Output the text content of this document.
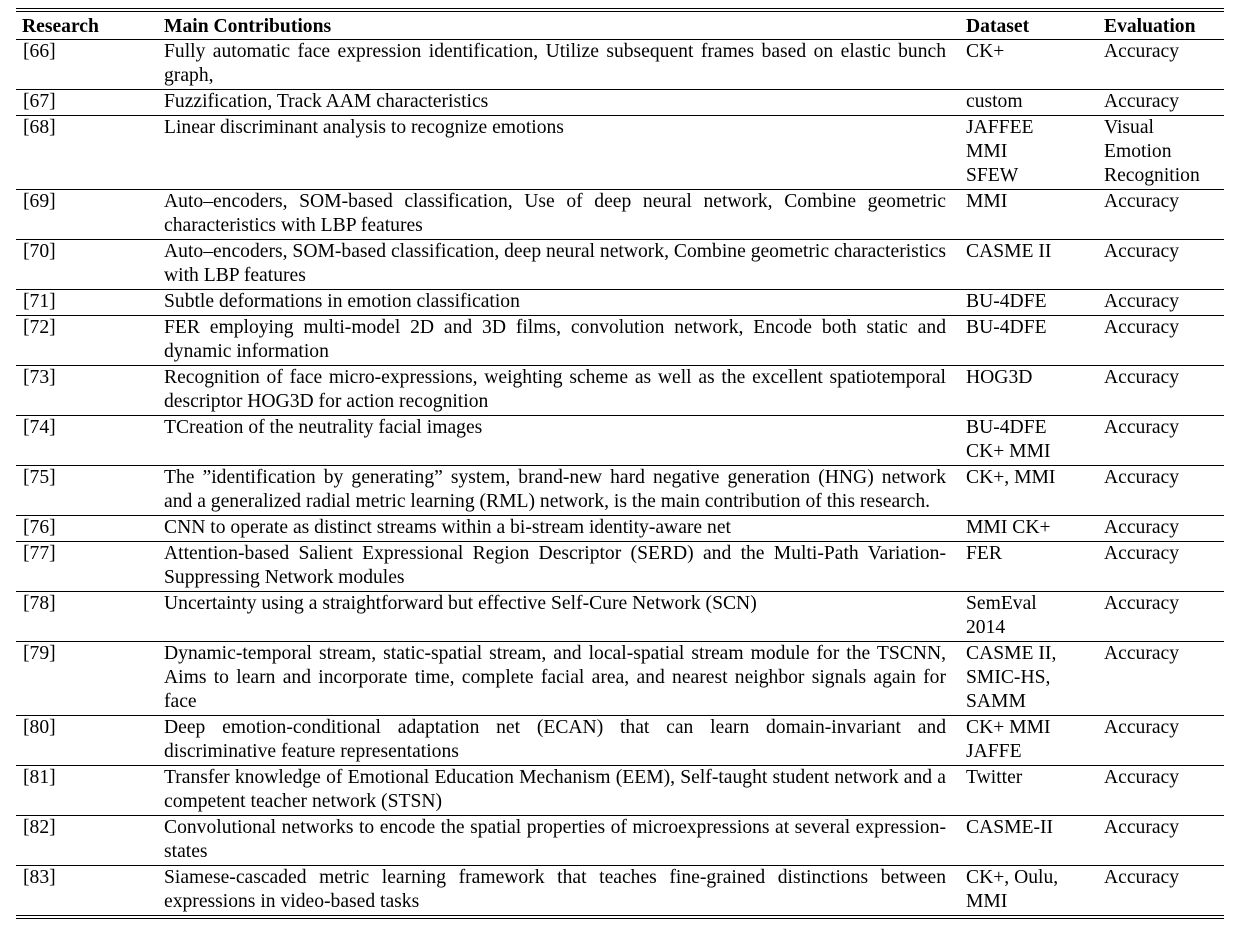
Research	Main Contributions	Dataset	Evaluation
[66]	Fully automatic face expression identification, Utilize subsequent frames based on elastic bunch graph,	CK+	Accuracy

[67]	Fuzzification, Track AAM characteristics	custom	Accuracy

[68]	Linear discriminant analysis to recognize emotions	JAFFEE
MMI
SFEW	Visual
Emotion
Recognition

[69]	Auto–encoders, SOM-based classification, Use of deep neural network, Combine geometric characteristics with LBP features	MMI	Accuracy

[70]	Auto–encoders, SOM-based classification, deep neural network, Combine geometric characteristics with LBP features	CASME II	Accuracy

[71]	Subtle deformations in emotion classification	BU-4DFE	Accuracy

[72]	FER employing multi-model 2D and 3D films, convolution network, Encode both static and dynamic information	BU-4DFE	Accuracy

[73]	Recognition of face micro-expressions, weighting scheme as well as the excellent spatiotemporal descriptor HOG3D for action recognition	HOG3D	Accuracy

[74]	TCreation of the neutrality facial images	BU-4DFE
CK+ MMI	Accuracy

[75]	The ”identification by generating” system, brand-new hard negative generation (HNG) network and a generalized radial metric learning (RML) network, is the main contribution of this research.	CK+, MMI	Accuracy

[76]	CNN to operate as distinct streams within a bi-stream identity-aware net	MMI CK+	Accuracy

[77]	Attention-based Salient Expressional Region Descriptor (SERD) and the Multi-Path Variation-Suppressing Network modules	FER	Accuracy

[78]	Uncertainty using a straightforward but effective Self-Cure Network (SCN)	SemEval
2014	Accuracy

[79]	Dynamic-temporal stream, static-spatial stream, and local-spatial stream module for the TSCNN, Aims to learn and incorporate time, complete facial area, and nearest neighbor signals again for face	CASME II,
SMIC-HS,
SAMM	Accuracy

[80]	Deep emotion-conditional adaptation net (ECAN) that can learn domain-invariant and discriminative feature representations	CK+ MMI
JAFFE	Accuracy

[81]	Transfer knowledge of Emotional Education Mechanism (EEM), Self-taught student network and a competent teacher network (STSN)	Twitter	Accuracy

[82]	Convolutional networks to encode the spatial properties of microexpressions at several expression-states	CASME-II	Accuracy

[83]	Siamese-cascaded metric learning framework that teaches fine-grained distinctions between expressions in video-based tasks	CK+, Oulu,
MMI	Accuracy
